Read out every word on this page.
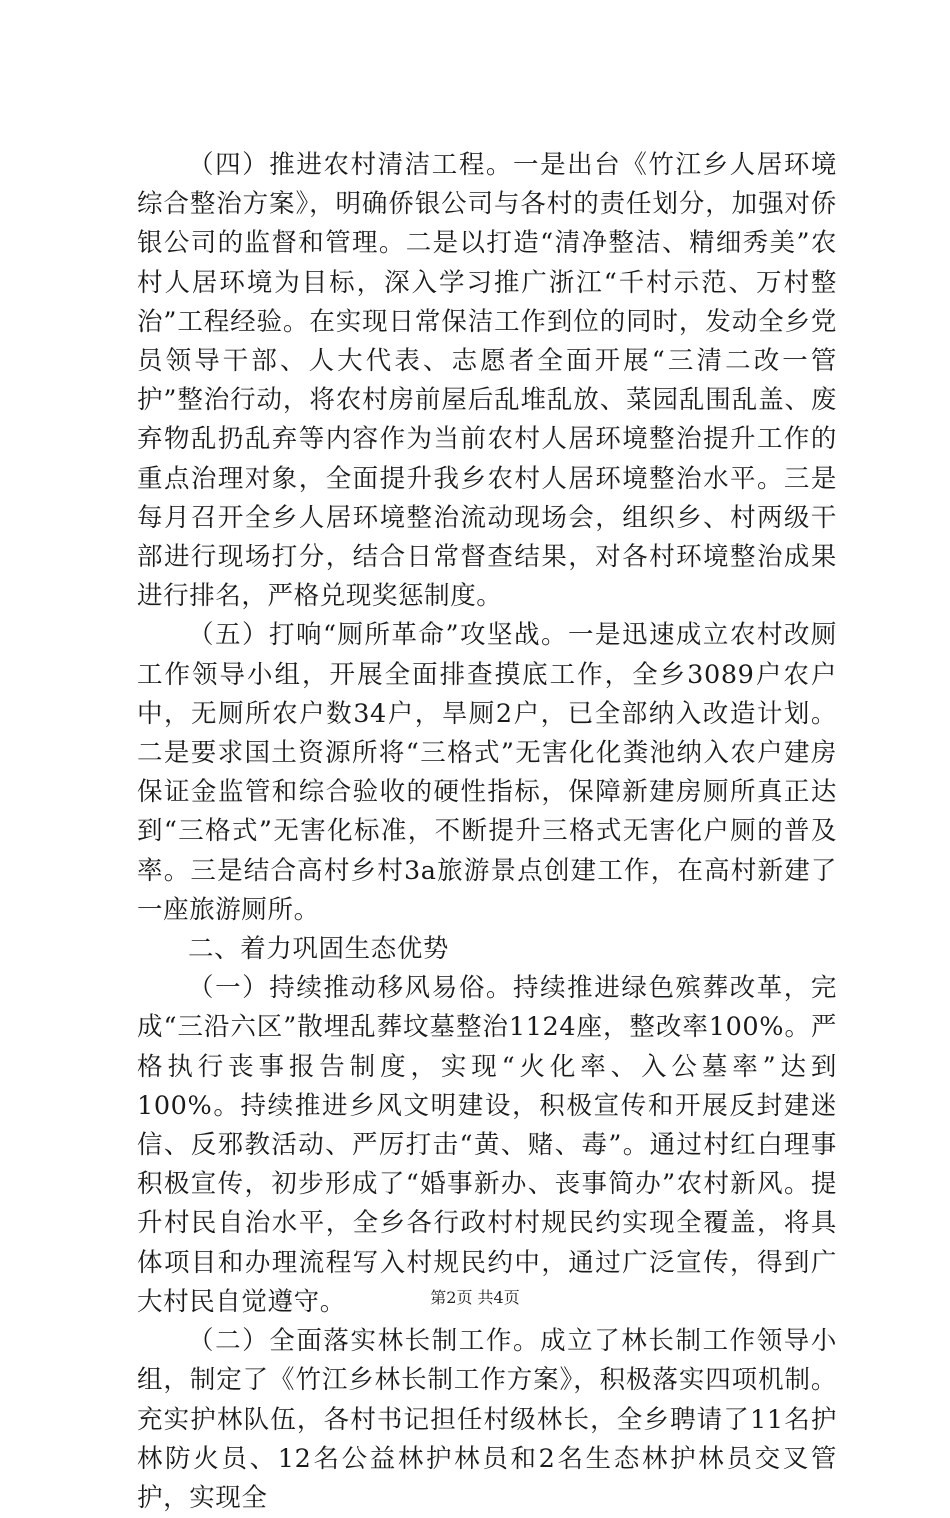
（四）推进农村清洁工程。一是出台《竹江乡人居环境综合整治方案》，明确侨银公司与各村的责任划分，加强对侨银公司的监督和管理。二是以打造“清净整洁、精细秀美”农村人居环境为目标，深入学习推广浙江“千村示范、万村整治”工程经验。在实现日常保洁工作到位的同时，发动全乡党员领导干部、人大代表、志愿者全面开展“三清二改一管护”整治行动，将农村房前屋后乱堆乱放、菜园乱围乱盖、废弃物乱扔乱弃等内容作为当前农村人居环境整治提升工作的重点治理对象，全面提升我乡农村人居环境整治水平。三是每月召开全乡人居环境整治流动现场会，组织乡、村两级干部进行现场打分，结合日常督查结果，对各村环境整治成果进行排名，严格兑现奖惩制度。

（五）打响“厕所革命”攻坚战。一是迅速成立农村改厕工作领导小组，开展全面排查摸底工作，全乡3089户农户中，无厕所农户数34户，旱厕2户，已全部纳入改造计划。二是要求国土资源所将“三格式”无害化化粪池纳入农户建房保证金监管和综合验收的硬性指标，保障新建房厕所真正达到“三格式”无害化标准，不断提升三格式无害化户厕的普及率。三是结合高村乡村3a旅游景点创建工作，在高村新建了一座旅游厕所。

二、着力巩固生态优势

（一）持续推动移风易俗。持续推进绿色殡葬改革，完成“三沿六区”散埋乱葬坟墓整治1124座，整改率100%。严格执行丧事报告制度，实现“火化率、入公墓率”达到100%。持续推进乡风文明建设，积极宣传和开展反封建迷信、反邪教活动、严厉打击“黄、赌、毒”。通过村红白理事积极宣传，初步形成了“婚事新办、丧事简办”农村新风。提升村民自治水平，全乡各行政村村规民约实现全覆盖，将具体项目和办理流程写入村规民约中，通过广泛宣传，得到广大村民自觉遵守。

（二）全面落实林长制工作。成立了林长制工作领导小组，制定了《竹江乡林长制工作方案》，积极落实四项机制。充实护林队伍，各村书记担任村级林长，全乡聘请了11名护林防火员、12名公益林护林员和2名生态林护林员交叉管护，实现全

第2页 共4页
